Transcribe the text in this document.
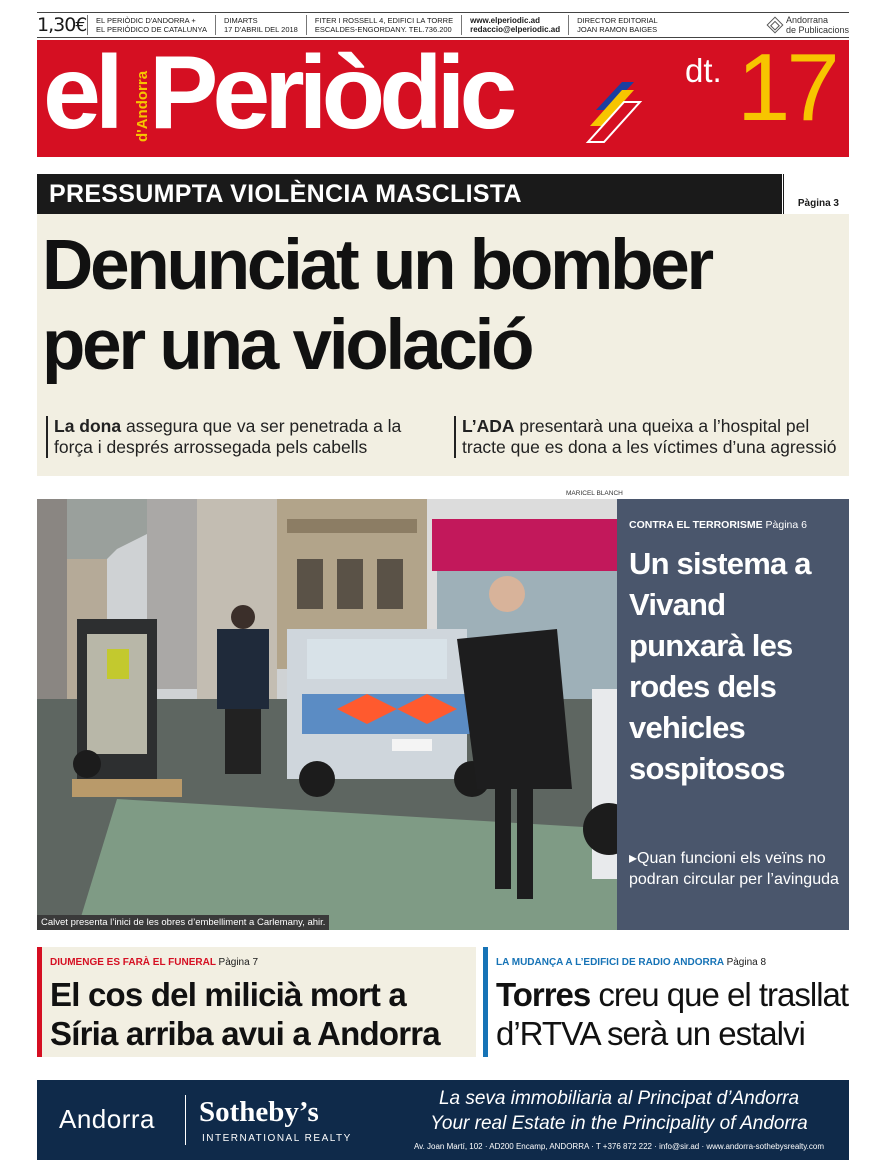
1,30€ EL PERIÒDIC D'ANDORRA +
EL PERIÓDICO DE CATALUNYA
DIMARTS
17 D'ABRIL DEL 2018
FITER I ROSSELL 4, EDIFICI LA TORRE
ESCALDES-ENGORDANY. TEL.736.200
www.elperiodic.ad
redaccio@elperiodic.ad
DIRECTOR EDITORIAL
JOAN RAMON BAIGES
Andorrana
de Publicacions
el d'Andorra
Periòdic	dt. 17
PRESSUMPTA VIOLÈNCIA MASCLISTA	Pàgina 3
Denunciat un bomber
per una violació
La dona assegura que va ser penetrada a la força i després arrossegada pels cabells
L’ADA presentarà una queixa a l’hospital pel tracte que es dona a les víctimes d’una agressió
MARICEL BLANCH
Calvet presenta l’inici de les obres d’embelliment a Carlemany, ahir.
CONTRA EL TERRORISME Pàgina 6
Un sistema a Vivand punxarà les rodes dels vehicles sospitosos
▸Quan funcioni els veïns no podran circular per l’avinguda
DIUMENGE ES FARÀ EL FUNERAL Pàgina 7
El cos del milicià mort a Síria arriba avui a Andorra
LA MUDANÇA A L’EDIFICI DE RADIO ANDORRA Pàgina 8
Torres creu que el trasllat d’RTVA serà un estalvi
Andorra Sotheby’s
INTERNATIONAL REALTY
La seva immobiliaria al Principat d’Andorra
Your real Estate in the Principality of Andorra
Av. Joan Martí, 102 · AD200 Encamp, ANDORRA · T +376 872 222 · info@sir.ad · www.andorra-sothebysrealty.com
